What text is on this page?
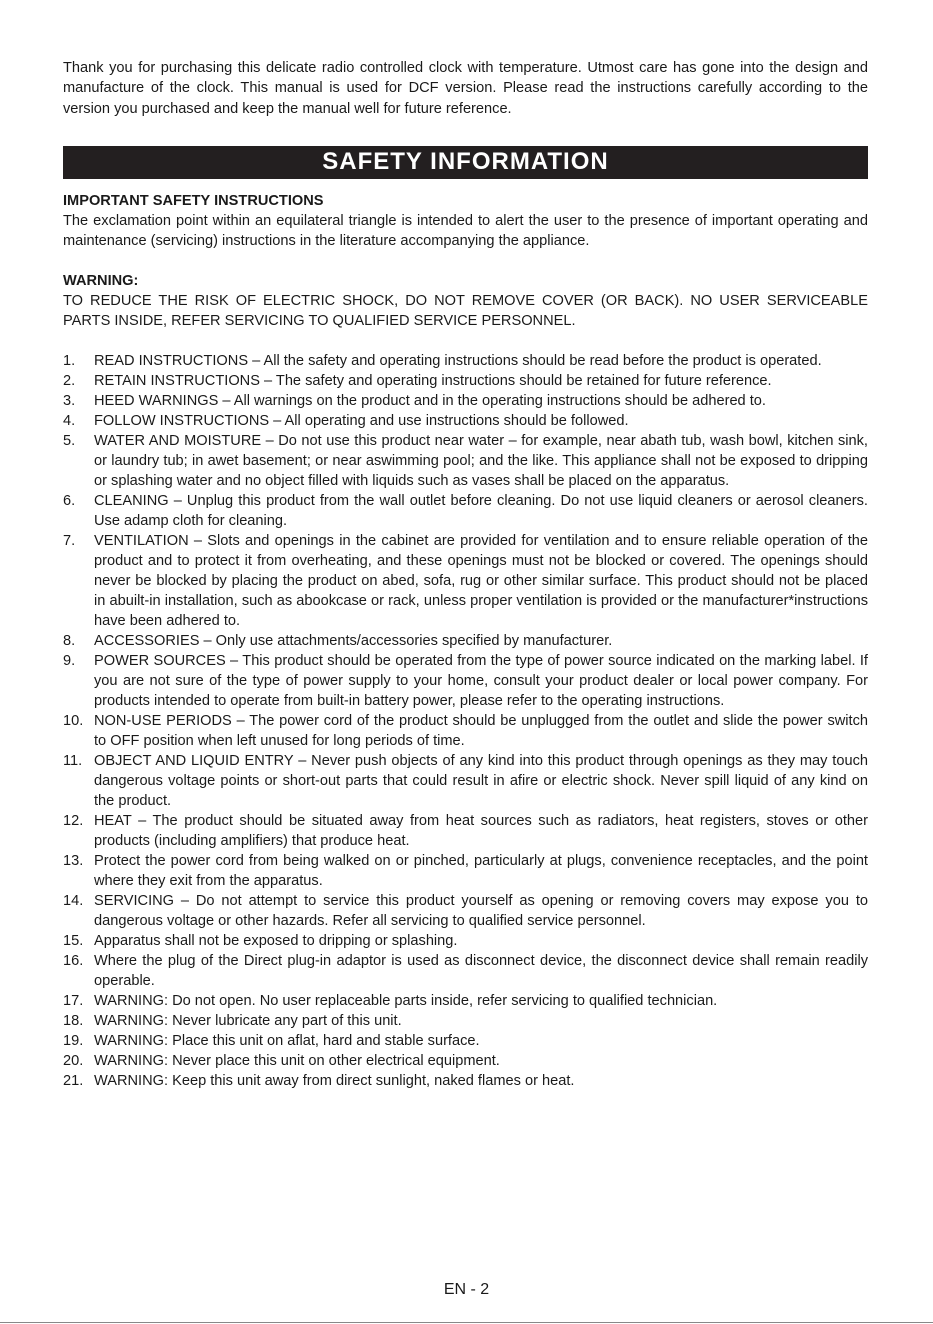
Thank you for purchasing this delicate radio controlled clock with temperature. Utmost care has gone into the design and manufacture of the clock. This manual is used for DCF version. Please read the instructions carefully according to the version you purchased and keep the manual well for future reference.

SAFETY INFORMATION

IMPORTANT SAFETY INSTRUCTIONS

The exclamation point within an equilateral triangle is intended to alert the user to the presence of important operating and maintenance (servicing) instructions in the literature accompanying the appliance.

WARNING:

TO REDUCE THE RISK OF ELECTRIC SHOCK, DO NOT REMOVE COVER (OR BACK). NO USER SERVICEABLE PARTS INSIDE, REFER SERVICING TO QUALIFIED SERVICE PERSONNEL.

1.	READ INSTRUCTIONS – All the safety and operating instructions should be read before the product is operated.
2.	RETAIN INSTRUCTIONS – The safety and operating instructions should be retained for future reference.
3.	HEED WARNINGS – All warnings on the product and in the operating instructions should be adhered to.
4.	FOLLOW INSTRUCTIONS – All operating and use instructions should be followed.
5.	WATER AND MOISTURE – Do not use this product near water – for example, near abath tub, wash bowl, kitchen sink, or laundry tub; in awet basement; or near aswimming pool; and the like. This appliance shall not be exposed to dripping or splashing water and no object filled with liquids such as vases shall be placed on the apparatus.
6.	CLEANING – Unplug this product from the wall outlet before cleaning. Do not use liquid cleaners or aerosol cleaners. Use adamp cloth for cleaning.
7.	VENTILATION – Slots and openings in the cabinet are provided for ventilation and to ensure reliable operation of the product and to protect it from overheating, and these openings must not be blocked or covered. The openings should never be blocked by placing the product on abed, sofa, rug or other similar surface. This product should not be placed in abuilt-in installation, such as abookcase or rack, unless proper ventilation is provided or the manufacturer*instructions have been adhered to.
8.	ACCESSORIES – Only use attachments/accessories specified by manufacturer.
9.	POWER SOURCES – This product should be operated from the type of power source indicated on the marking label. If you are not sure of the type of power supply to your home, consult your product dealer or local power company. For products intended to operate from built-in battery power, please refer to the operating instructions.
10. NON-USE PERIODS – The power cord of the product should be unplugged from the outlet and slide the power switch to OFF position when left unused for long periods of time.
11. OBJECT AND LIQUID ENTRY – Never push objects of any kind into this product through openings as they may touch dangerous voltage points or short-out parts that could result in afire or electric shock. Never spill liquid of any kind on the product.
12. HEAT – The product should be situated away from heat sources such as radiators, heat registers, stoves or other products (including amplifiers) that produce heat.
13. Protect the power cord from being walked on or pinched, particularly at plugs, convenience receptacles, and the point where they exit from the apparatus.
14. SERVICING – Do not attempt to service this product yourself as opening or removing covers may expose you to dangerous voltage or other hazards. Refer all servicing to qualified service personnel.
15. Apparatus shall not be exposed to dripping or splashing.
16. Where the plug of the Direct plug-in adaptor is used as disconnect device, the disconnect device shall remain readily operable.
17. WARNING: Do not open. No user replaceable parts inside, refer servicing to qualified technician.
18. WARNING: Never lubricate any part of this unit.
19. WARNING: Place this unit on aflat, hard and stable surface.
20. WARNING: Never place this unit on other electrical equipment.
21. WARNING: Keep this unit away from direct sunlight, naked flames or heat.
EN - 2
